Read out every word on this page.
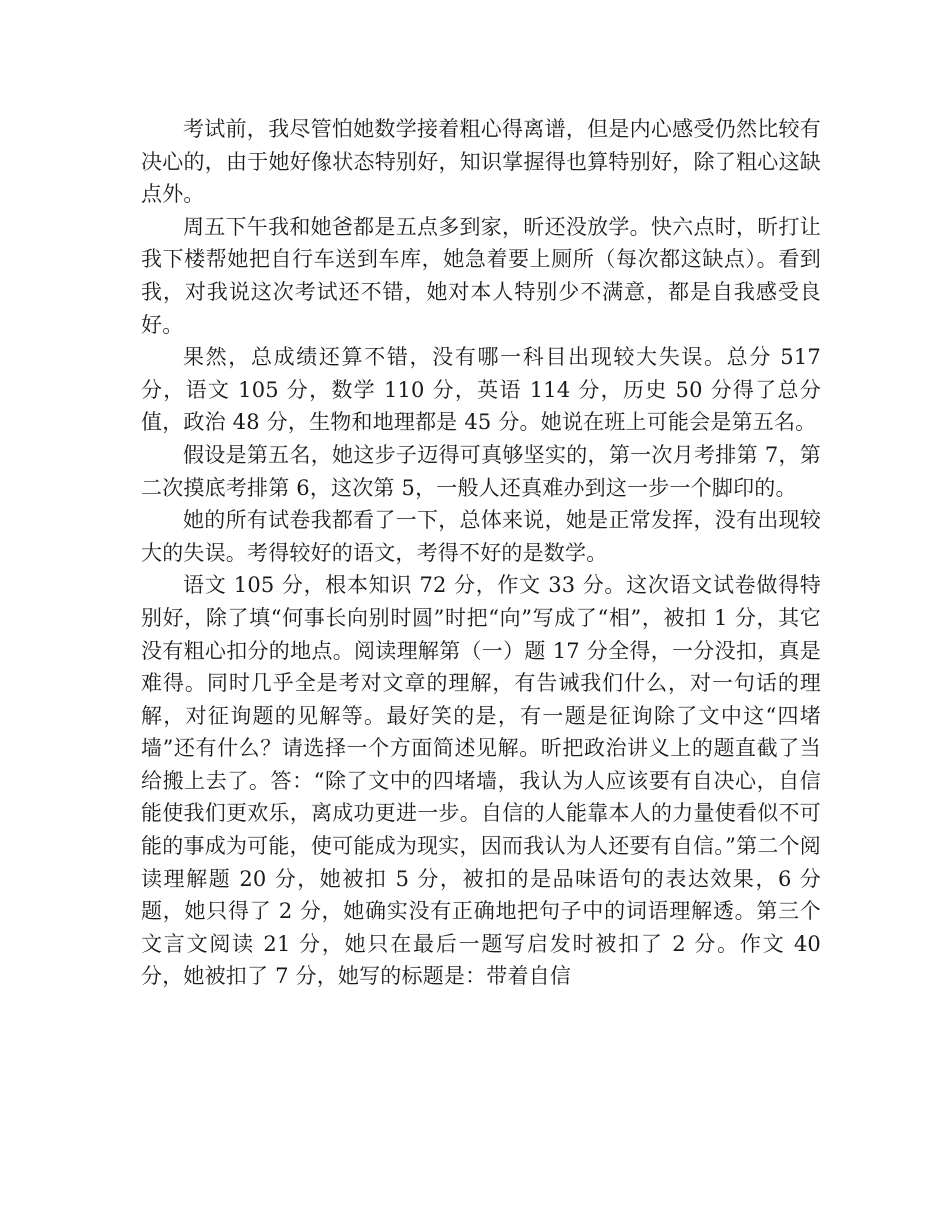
考试前，我尽管怕她数学接着粗心得离谱，但是内心感受仍然比较有决心的，由于她好像状态特别好，知识掌握得也算特别好，除了粗心这缺点外。

周五下午我和她爸都是五点多到家，昕还没放学。快六点时，昕打让我下楼帮她把自行车送到车库，她急着要上厕所（每次都这缺点）。看到我，对我说这次考试还不错，她对本人特别少不满意，都是自我感受良好。

果然，总成绩还算不错，没有哪一科目出现较大失误。总分 517 分，语文 105 分，数学 110 分，英语 114 分，历史 50 分得了总分值，政治 48 分，生物和地理都是 45 分。她说在班上可能会是第五名。

假设是第五名，她这步子迈得可真够坚实的，第一次月考排第 7，第二次摸底考排第 6，这次第 5，一般人还真难办到这一步一个脚印的。

她的所有试卷我都看了一下，总体来说，她是正常发挥，没有出现较大的失误。考得较好的语文，考得不好的是数学。

语文 105 分，根本知识 72 分，作文 33 分。这次语文试卷做得特别好，除了填“何事长向别时圆”时把“向”写成了“相”，被扣 1 分，其它没有粗心扣分的地点。阅读理解第（一）题 17 分全得，一分没扣，真是难得。同时几乎全是考对文章的理解，有告诫我们什么，对一句话的理解，对征询题的见解等。最好笑的是，有一题是征询除了文中这“四堵墙”还有什么？请选择一个方面简述见解。昕把政治讲义上的题直截了当给搬上去了。答：“除了文中的四堵墙，我认为人应该要有自决心，自信能使我们更欢乐，离成功更进一步。自信的人能靠本人的力量使看似不可能的事成为可能，使可能成为现实，因而我认为人还要有自信。”第二个阅读理解题 20 分，她被扣 5 分，被扣的是品味语句的表达效果，6 分题，她只得了 2 分，她确实没有正确地把句子中的词语理解透。第三个文言文阅读 21 分，她只在最后一题写启发时被扣了 2 分。作文 40 分，她被扣了 7 分，她写的标题是：带着自信
